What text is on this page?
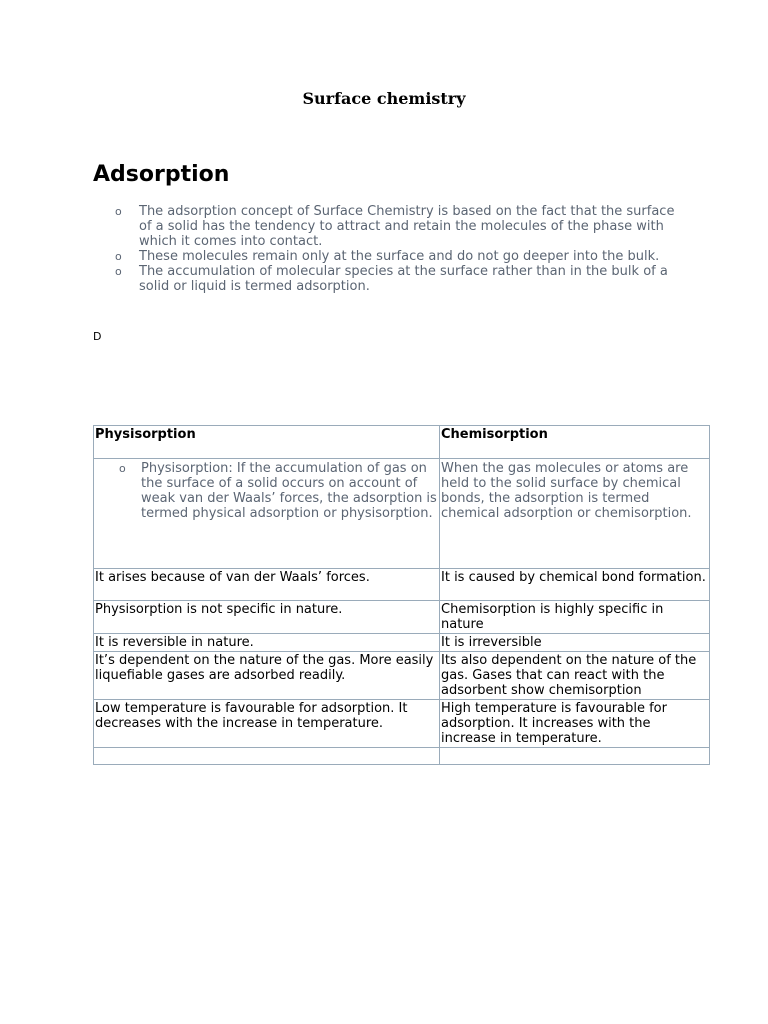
Surface chemistry
Adsorption
o The adsorption concept of Surface Chemistry is based on the fact that the surface of a solid has the tendency to attract and retain the molecules of the phase with which it comes into contact.
o These molecules remain only at the surface and do not go deeper into the bulk.
o The accumulation of molecular species at the surface rather than in the bulk of a solid or liquid is termed adsorption.
D
Physisorption	Chemisorption

o Physisorption: If the accumulation of gas on the surface of a solid occurs on account of weak van der Waals’ forces, the adsorption is termed physical adsorption or physisorption.	When the gas molecules or atoms are held to the solid surface by chemical bonds, the adsorption is termed chemical adsorption or chemisorption.
It arises because of van der Waals’ forces.	It is caused by chemical bond formation.
Physisorption is not specific in nature.	Chemisorption is highly specific in nature
It is reversible in nature.	It is irreversible
It’s dependent on the nature of the gas. More easily liquefiable gases are adsorbed readily.	Its also dependent on the nature of the gas. Gases that can react with the adsorbent show chemisorption
Low temperature is favourable for adsorption. It decreases with the increase in temperature.	High temperature is favourable for adsorption. It increases with the increase in temperature.
